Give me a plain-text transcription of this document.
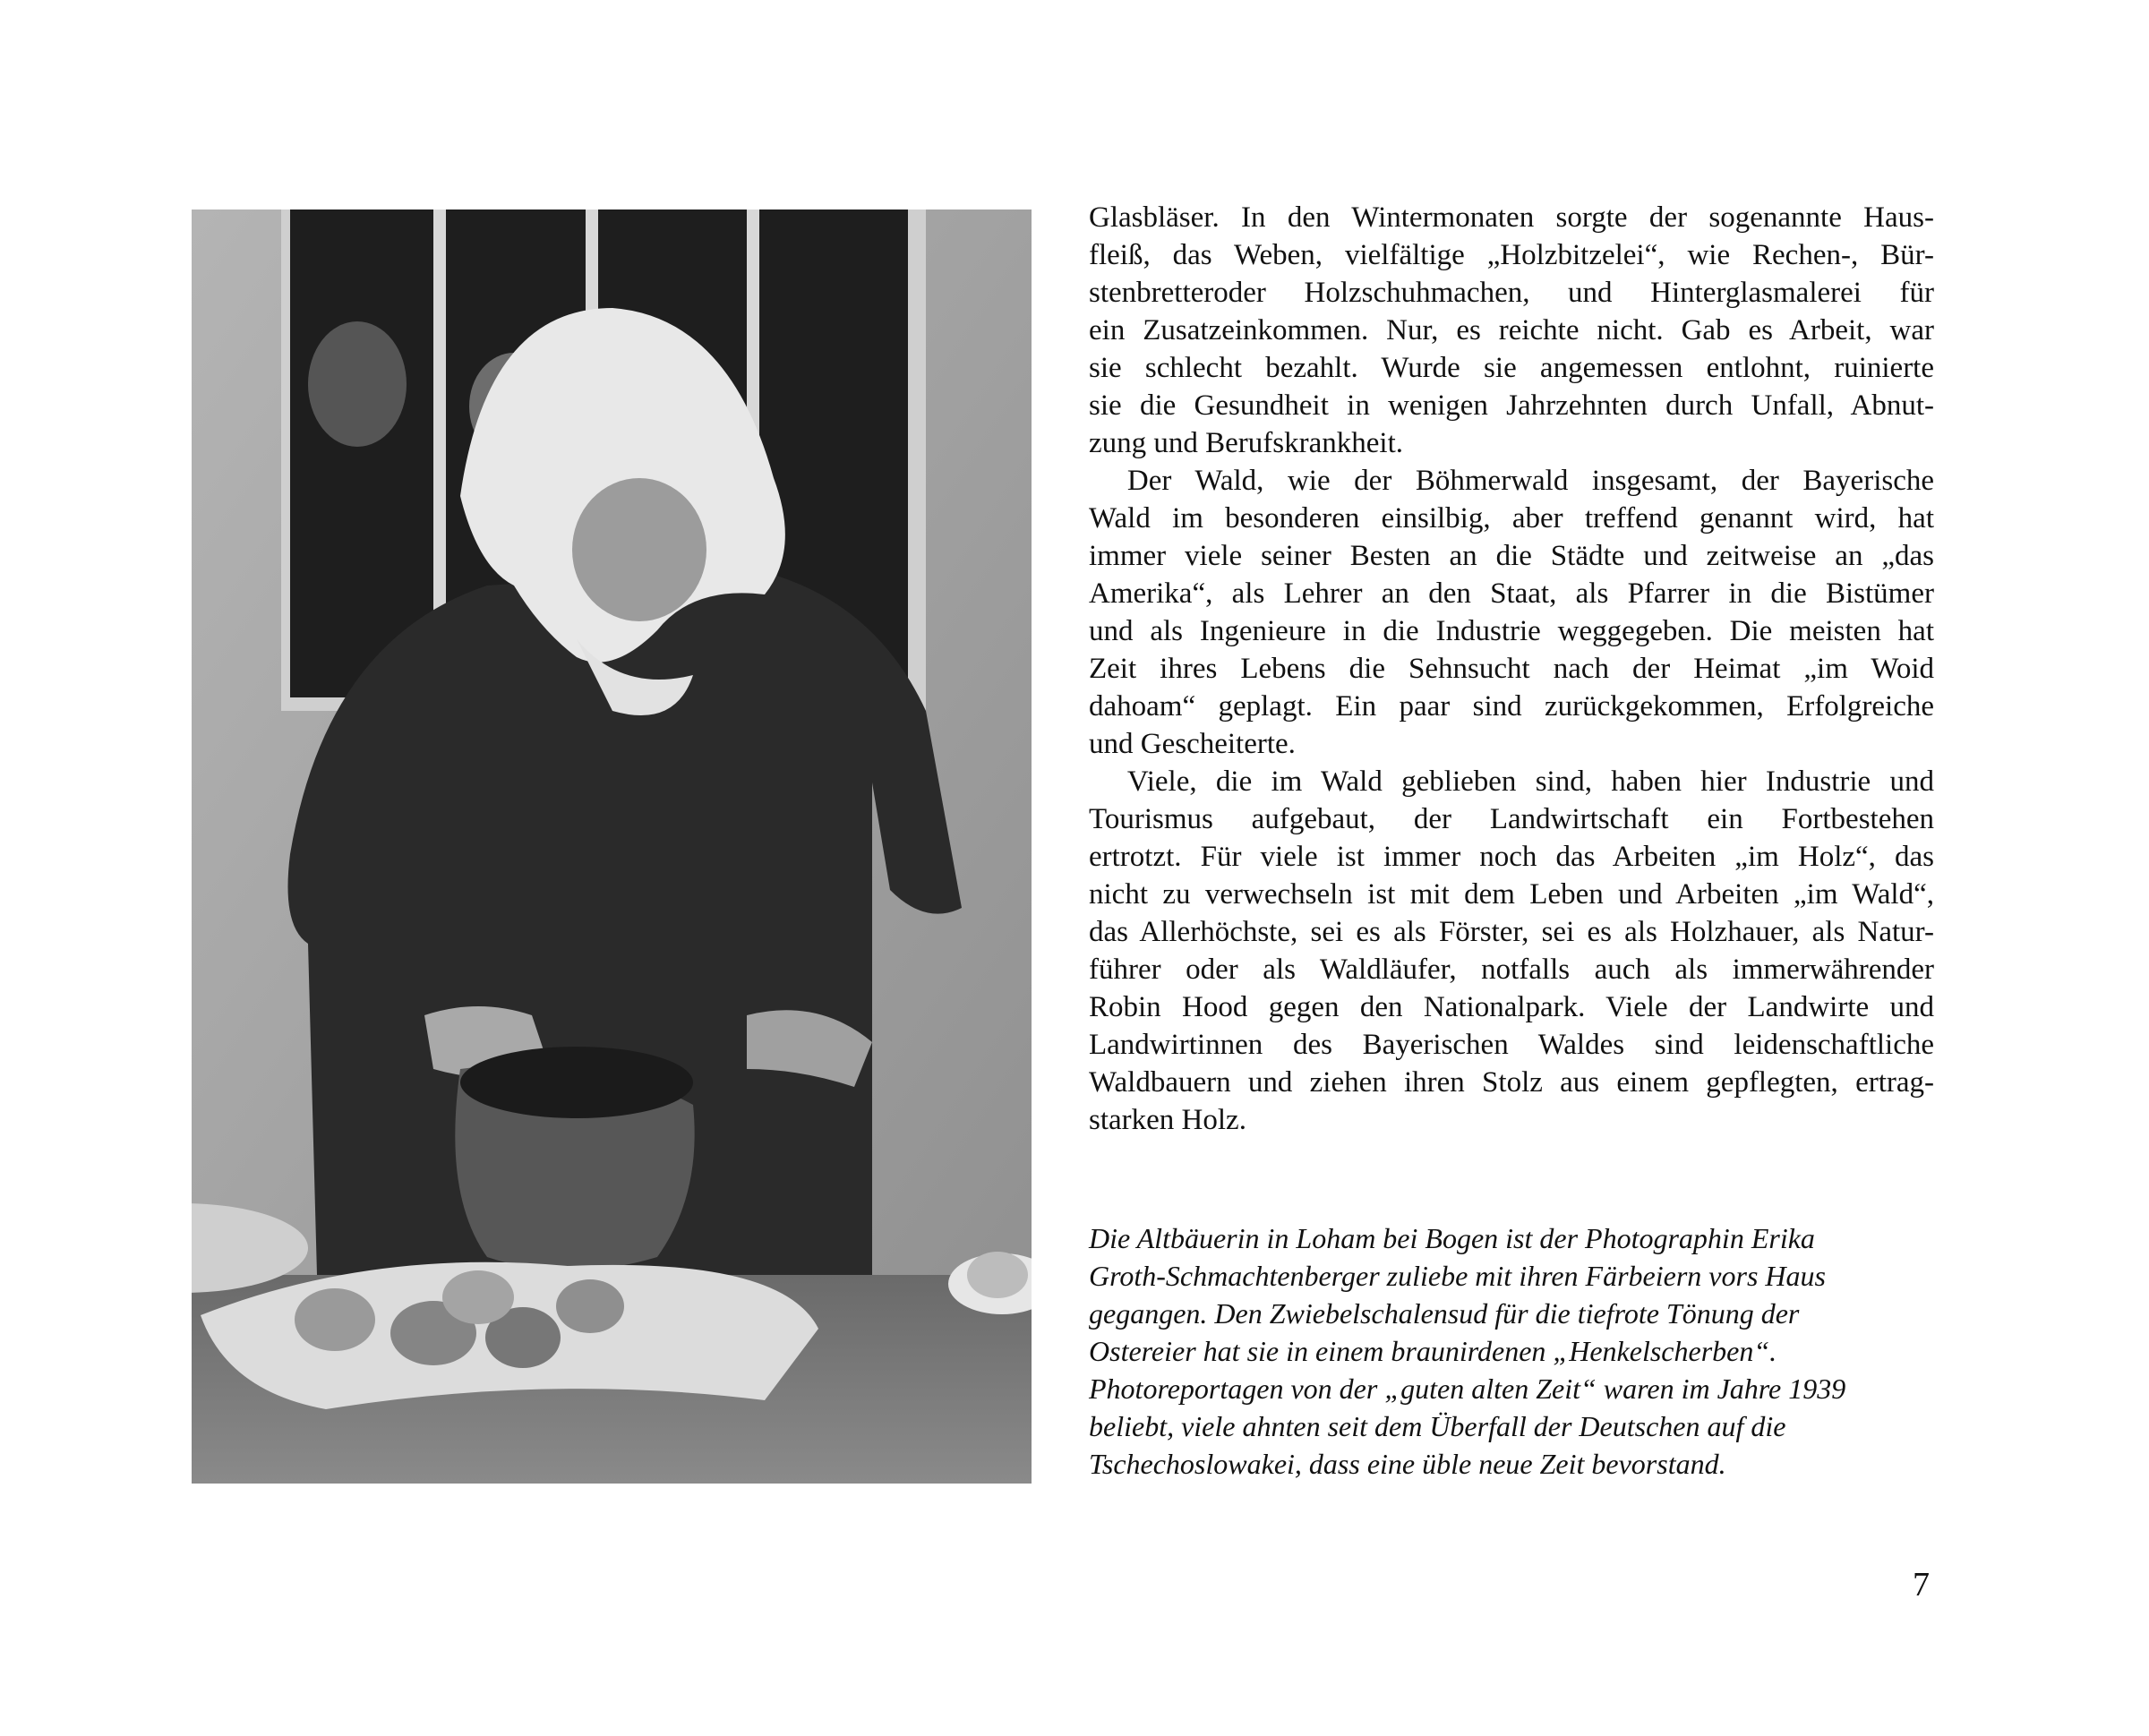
Glasbläser. In den Wintermonaten sorgte der sogenannte Haus-
fleiß, das Weben, vielfältige „Holzbitzelei“, wie Rechen-, Bür-
stenbretteroder Holzschuhmachen, und Hinterglasmalerei für
ein Zusatzeinkommen. Nur, es reichte nicht. Gab es Arbeit, war
sie schlecht bezahlt. Wurde sie angemessen entlohnt, ruinierte
sie die Gesundheit in wenigen Jahrzehnten durch Unfall, Abnut-
zung und Berufskrankheit.

Der Wald, wie der Böhmerwald insgesamt, der Bayerische
Wald im besonderen einsilbig, aber treffend genannt wird, hat
immer viele seiner Besten an die Städte und zeitweise an „das
Amerika“, als Lehrer an den Staat, als Pfarrer in die Bistümer
und als Ingenieure in die Industrie weggegeben. Die meisten hat
Zeit ihres Lebens die Sehnsucht nach der Heimat „im Woid
dahoam“ geplagt. Ein paar sind zurückgekommen, Erfolgreiche
und Gescheiterte.

Viele, die im Wald geblieben sind, haben hier Industrie und
Tourismus aufgebaut, der Landwirtschaft ein Fortbestehen
ertrotzt. Für viele ist immer noch das Arbeiten „im Holz“, das
nicht zu verwechseln ist mit dem Leben und Arbeiten „im Wald“,
das Allerhöchste, sei es als Förster, sei es als Holzhauer, als Natur-
führer oder als Waldläufer, notfalls auch als immerwährender
Robin Hood gegen den Nationalpark. Viele der Landwirte und
Landwirtinnen des Bayerischen Waldes sind leidenschaftliche
Waldbauern und ziehen ihren Stolz aus einem gepflegten, ertrag-
starken Holz.

Die Altbäuerin in Loham bei Bogen ist der Photographin Erika
Groth-Schmachtenberger zuliebe mit ihren Färbeiern vors Haus
gegangen. Den Zwiebelschalensud für die tiefrote Tönung der
Ostereier hat sie in einem braunirdenen „Henkelscherben“.
Photoreportagen von der „guten alten Zeit“ waren im Jahre 1939
beliebt, viele ahnten seit dem Überfall der Deutschen auf die
Tschechoslowakei, dass eine üble neue Zeit bevorstand.
7
